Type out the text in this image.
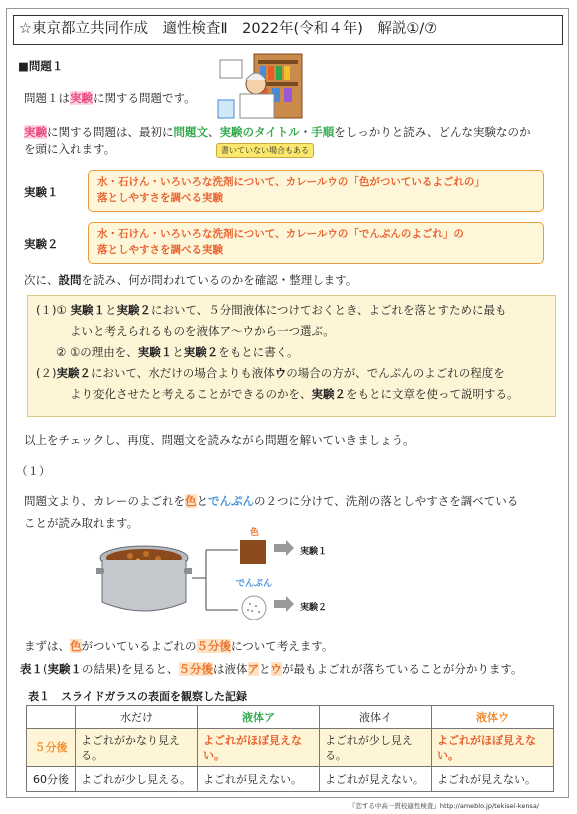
☆東京都立共同作成　適性検査Ⅱ　2022年(令和４年)　解説①/⑦
■問題１
問題１は実験に関する問題です。
実験に関する問題は、最初に問題文、実験のタイトル・手順をしっかりと読み、どんな実験なのか
を頭に入れます。	書いていない場合もある
実験１
水・石けん・いろいろな洗剤について、カレールウの「色がついているよごれの」
落としやすさを調べる実験
実験２
水・石けん・いろいろな洗剤について、カレールウの「でんぷんのよごれ」の
落としやすさを調べる実験
次に、設問を読み、何が問われているのかを確認・整理します。
(１)① 実験１と実験２において、５分間液体につけておくとき、よごれを落とすために最も
よいと考えられるものを液体ア～ウから一つ選ぶ。
② ①の理由を、実験１と実験２をもとに書く。
(２)実験２において、水だけの場合よりも液体ウの場合の方が、でんぷんのよごれの程度を
より変化させたと考えることができるのかを、実験２をもとに文章を使って説明する。
以上をチェックし、再度、問題文を読みながら問題を解いていきましょう。
（１）
問題文より、カレーのよごれを色とでんぷんの２つに分けて、洗剤の落としやすさを調べている
ことが読み取れます。
色
でんぷん
実験１
実験２
まずは、色がついているよごれの５分後について考えます。
表１(実験１の結果)を見ると、５分後は液体アとウが最もよごれが落ちていることが分かります。
表１　スライドガラスの表面を観察した記録
	水だけ	液体ア	液体イ	液体ウ
５分後	よごれがかなり見える。	よごれがほぼ見えない。	よごれが少し見える。	よごれがほぼ見えない。
60分後	よごれが少し見える。	よごれが見えない。	よごれが見えない。	よごれが見えない。
『恋する中高一貫校適性検査』http://ameblo.jp/tekisei-kensa/
